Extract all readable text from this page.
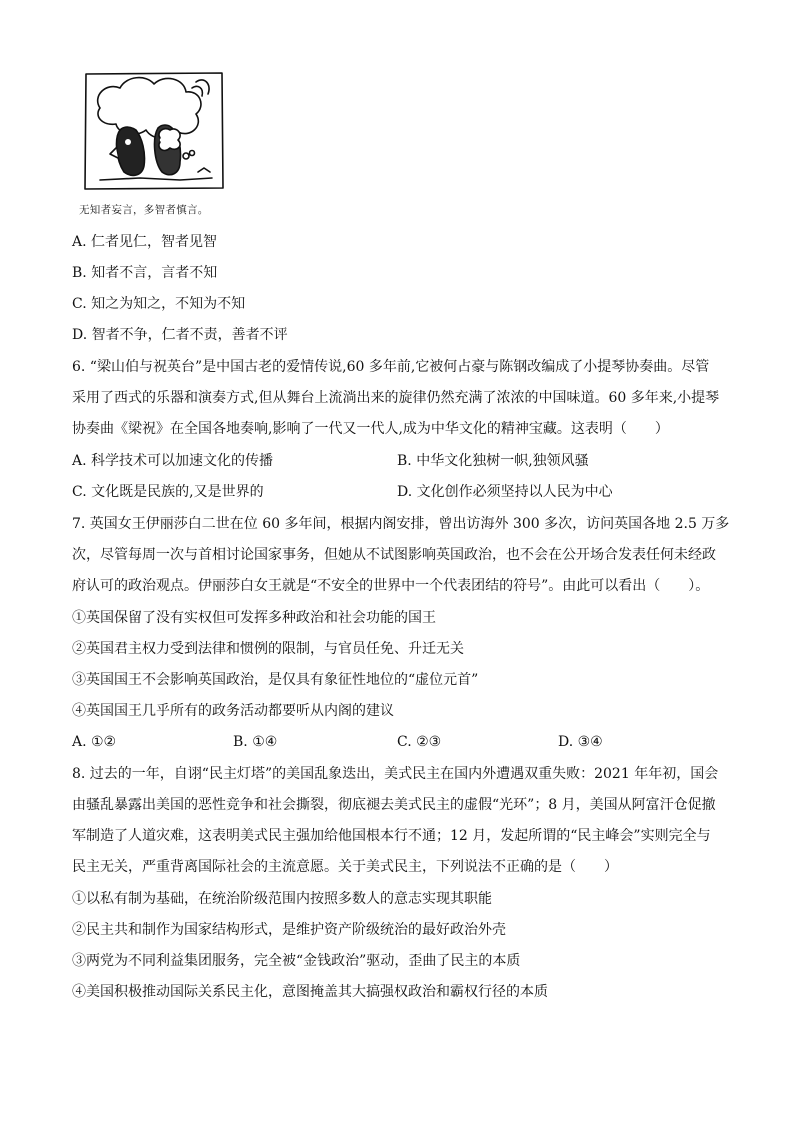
无知者妄言，多智者慎言。
A. 仁者见仁，智者见智
B. 知者不言，言者不知
C. 知之为知之，不知为不知
D. 智者不争，仁者不责，善者不评
6. “梁山伯与祝英台”是中国古老的爱情传说,60 多年前,它被何占豪与陈钢改编成了小提琴协奏曲。尽管
采用了西式的乐器和演奏方式,但从舞台上流淌出来的旋律仍然充满了浓浓的中国味道。60 多年来,小提琴
协奏曲《梁祝》在全国各地奏响,影响了一代又一代人,成为中华文化的精神宝藏。这表明（　　）
A. 科学技术可以加速文化的传播	B. 中华文化独树一帜,独领风骚
C. 文化既是民族的,又是世界的	D. 文化创作必须坚持以人民为中心
7. 英国女王伊丽莎白二世在位 60 多年间，根据内阁安排，曾出访海外 300 多次，访问英国各地 2.5 万多
次，尽管每周一次与首相讨论国家事务，但她从不试图影响英国政治，也不会在公开场合发表任何未经政
府认可的政治观点。伊丽莎白女王就是“不安全的世界中一个代表团结的符号”。由此可以看出（　　）。
①英国保留了没有实权但可发挥多种政治和社会功能的国王
②英国君主权力受到法律和惯例的限制，与官员任免、升迁无关
③英国国王不会影响英国政治，是仅具有象征性地位的“虚位元首”
④英国国王几乎所有的政务活动都要听从内阁的建议
A. ①②	B. ①④	C. ②③	D. ③④
8. 过去的一年，自诩“民主灯塔”的美国乱象迭出，美式民主在国内外遭遇双重失败：2021 年年初，国会
由骚乱暴露出美国的恶性竞争和社会撕裂，彻底褪去美式民主的虚假“光环”；8 月，美国从阿富汗仓促撤
军制造了人道灾难，这表明美式民主强加给他国根本行不通；12 月，发起所谓的“民主峰会”实则完全与
民主无关，严重背离国际社会的主流意愿。关于美式民主，下列说法不正确的是（　　）
①以私有制为基础，在统治阶级范围内按照多数人的意志实现其职能
②民主共和制作为国家结构形式，是维护资产阶级统治的最好政治外壳
③两党为不同利益集团服务，完全被“金钱政治”驱动，歪曲了民主的本质
④美国积极推动国际关系民主化，意图掩盖其大搞强权政治和霸权行径的本质
